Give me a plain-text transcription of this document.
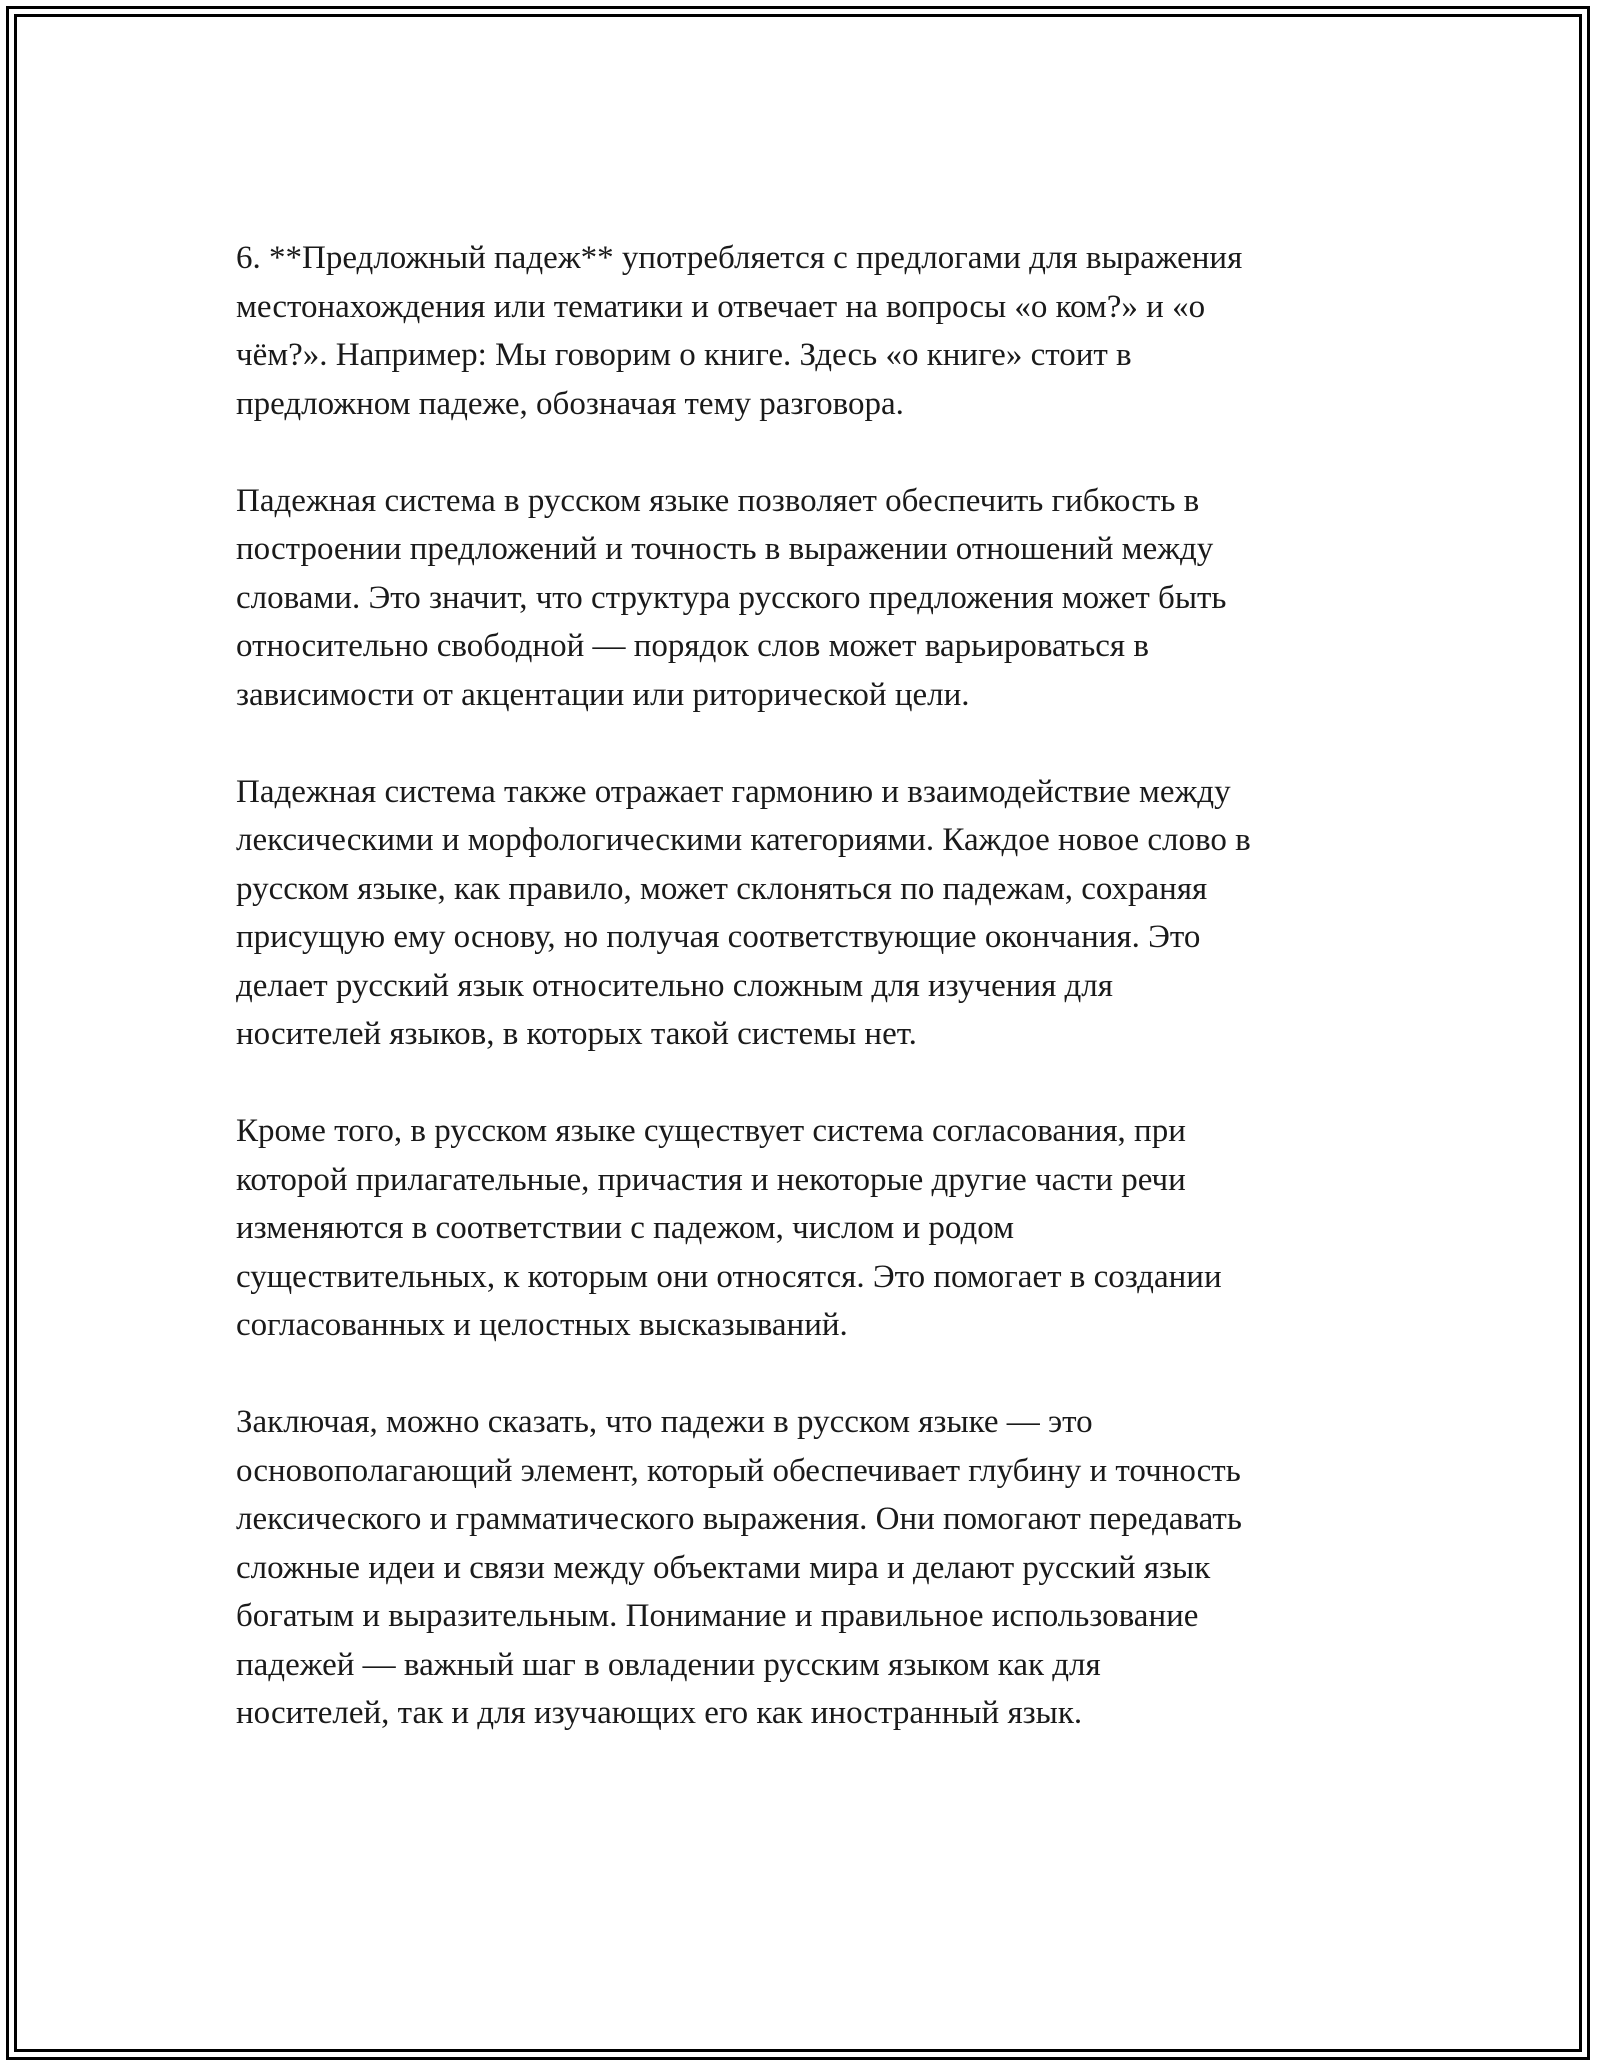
6. **Предложный падеж** употребляется с предлогами для выражения
местонахождения или тематики и отвечает на вопросы «о ком?» и «о
чём?». Например: Мы говорим о книге. Здесь «о книге» стоит в
предложном падеже, обозначая тему разговора.

Падежная система в русском языке позволяет обеспечить гибкость в
построении предложений и точность в выражении отношений между
словами. Это значит, что структура русского предложения может быть
относительно свободной — порядок слов может варьироваться в
зависимости от акцентации или риторической цели.

Падежная система также отражает гармонию и взаимодействие между
лексическими и морфологическими категориями. Каждое новое слово в
русском языке, как правило, может склоняться по падежам, сохраняя
присущую ему основу, но получая соответствующие окончания. Это
делает русский язык относительно сложным для изучения для
носителей языков, в которых такой системы нет.

Кроме того, в русском языке существует система согласования, при
которой прилагательные, причастия и некоторые другие части речи
изменяются в соответствии с падежом, числом и родом
существительных, к которым они относятся. Это помогает в создании
согласованных и целостных высказываний.

Заключая, можно сказать, что падежи в русском языке — это
основополагающий элемент, который обеспечивает глубину и точность
лексического и грамматического выражения. Они помогают передавать
сложные идеи и связи между объектами мира и делают русский язык
богатым и выразительным. Понимание и правильное использование
падежей — важный шаг в овладении русским языком как для
носителей, так и для изучающих его как иностранный язык.
